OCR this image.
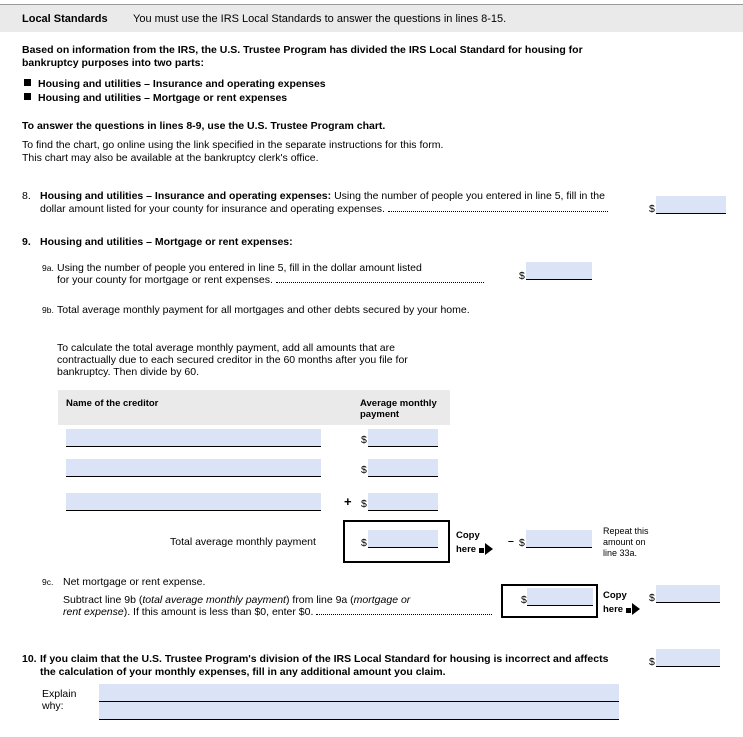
Local Standards You must use the IRS Local Standards to answer the questions in lines 8-15.
Based on information from the IRS, the U.S. Trustee Program has divided the IRS Local Standard for housing for
bankruptcy purposes into two parts:
Housing and utilities – Insurance and operating expenses
Housing and utilities – Mortgage or rent expenses
To answer the questions in lines 8-9, use the U.S. Trustee Program chart.
To find the chart, go online using the link specified in the separate instructions for this form.
This chart may also be available at the bankruptcy clerk's office.
8. Housing and utilities – Insurance and operating expenses: Using the number of people you entered in line 5, fill in the
dollar amount listed for your county for insurance and operating expenses.	$
9. Housing and utilities – Mortgage or rent expenses:
9a. Using the number of people you entered in line 5, fill in the dollar amount listed
for your county for mortgage or rent expenses.	$
9b. Total average monthly payment for all mortgages and other debts secured by your home.
To calculate the total average monthly payment, add all amounts that are
contractually due to each secured creditor in the 60 months after you file for
bankruptcy. Then divide by 60.
Name of the creditor	Average monthly
payment
$
$
+ $
Total average monthly payment	$
Copy
here
– $
Repeat this
amount on
line 33a.
9c. Net mortgage or rent expense.
Subtract line 9b (total average monthly payment) from line 9a (mortgage or
rent expense). If this amount is less than $0, enter $0.
$	Copy
here
$
10. If you claim that the U.S. Trustee Program's division of the IRS Local Standard for housing is incorrect and affects
the calculation of your monthly expenses, fill in any additional amount you claim.
$
Explain
why:
